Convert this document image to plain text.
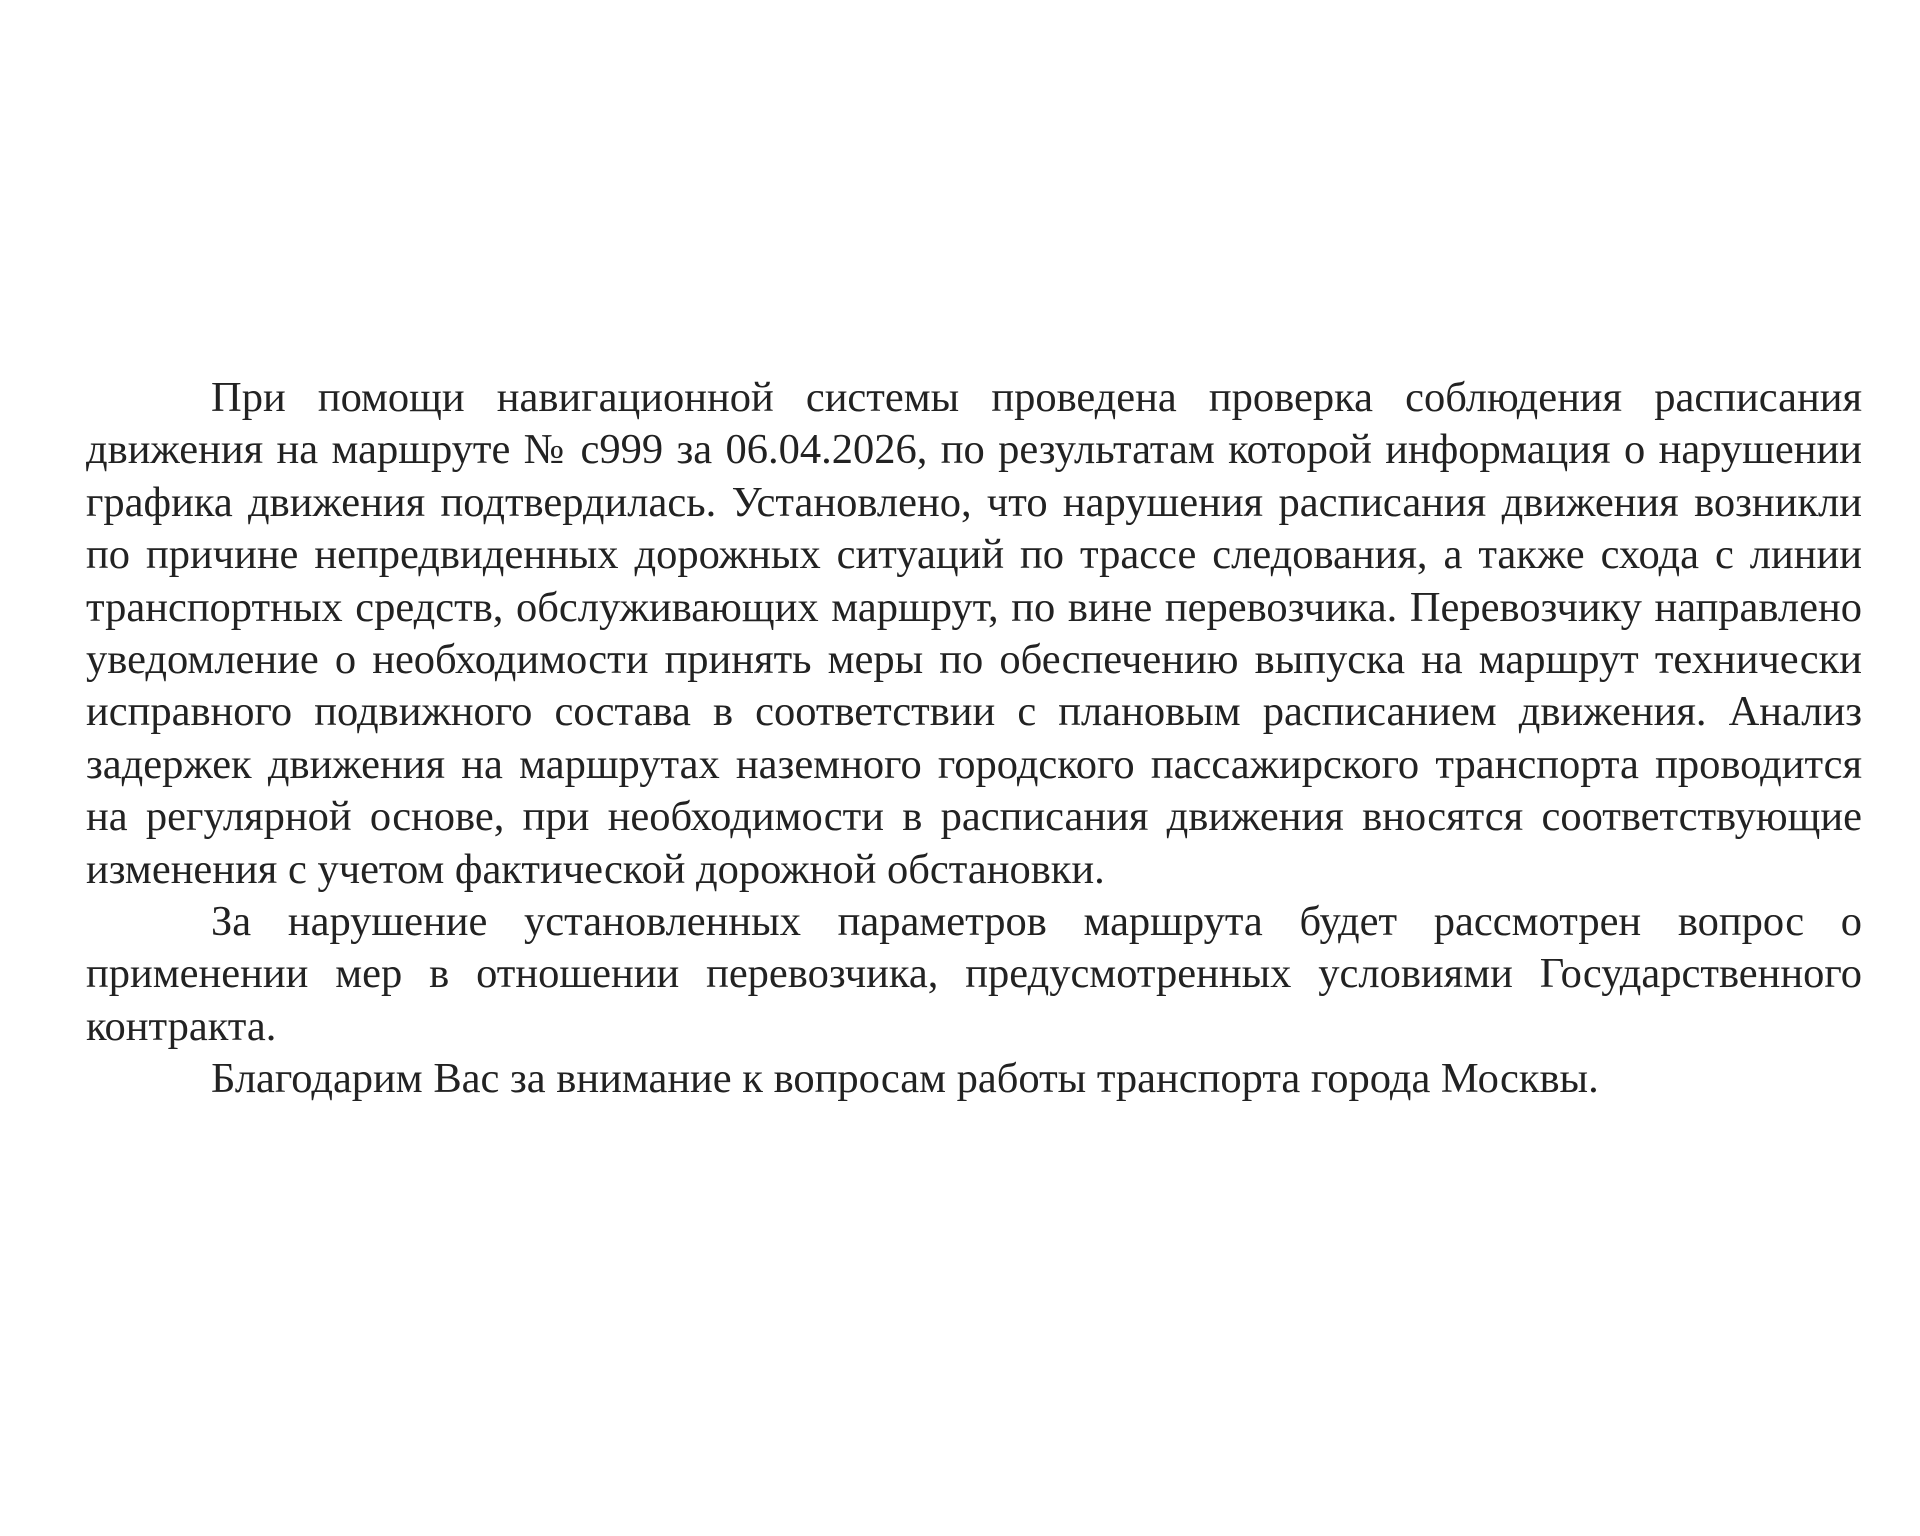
При помощи навигационной системы проведена проверка соблюдения расписания движения на маршруте № с999 за 06.04.2026, по результатам которой информация о нарушении графика движения подтвердилась. Установлено, что нарушения расписания движения возникли по причине непредвиденных дорожных ситуаций по трассе следования, а также схода с линии транспортных средств, обслуживающих маршрут, по вине перевозчика. Перевозчику направлено уведомление о необходимости принять меры по обеспечению выпуска на маршрут технически исправного подвижного состава в соответствии с плановым расписанием движения. Анализ задержек движения на маршрутах наземного городского пассажирского транспорта проводится на регулярной основе, при необходимости в расписания движения вносятся соответствующие изменения с учетом фактической дорожной обстановки.

За нарушение установленных параметров маршрута будет рассмотрен вопрос о применении мер в отношении перевозчика, предусмотренных условиями Государственного контракта.

Благодарим Вас за внимание к вопросам работы транспорта города Москвы.
